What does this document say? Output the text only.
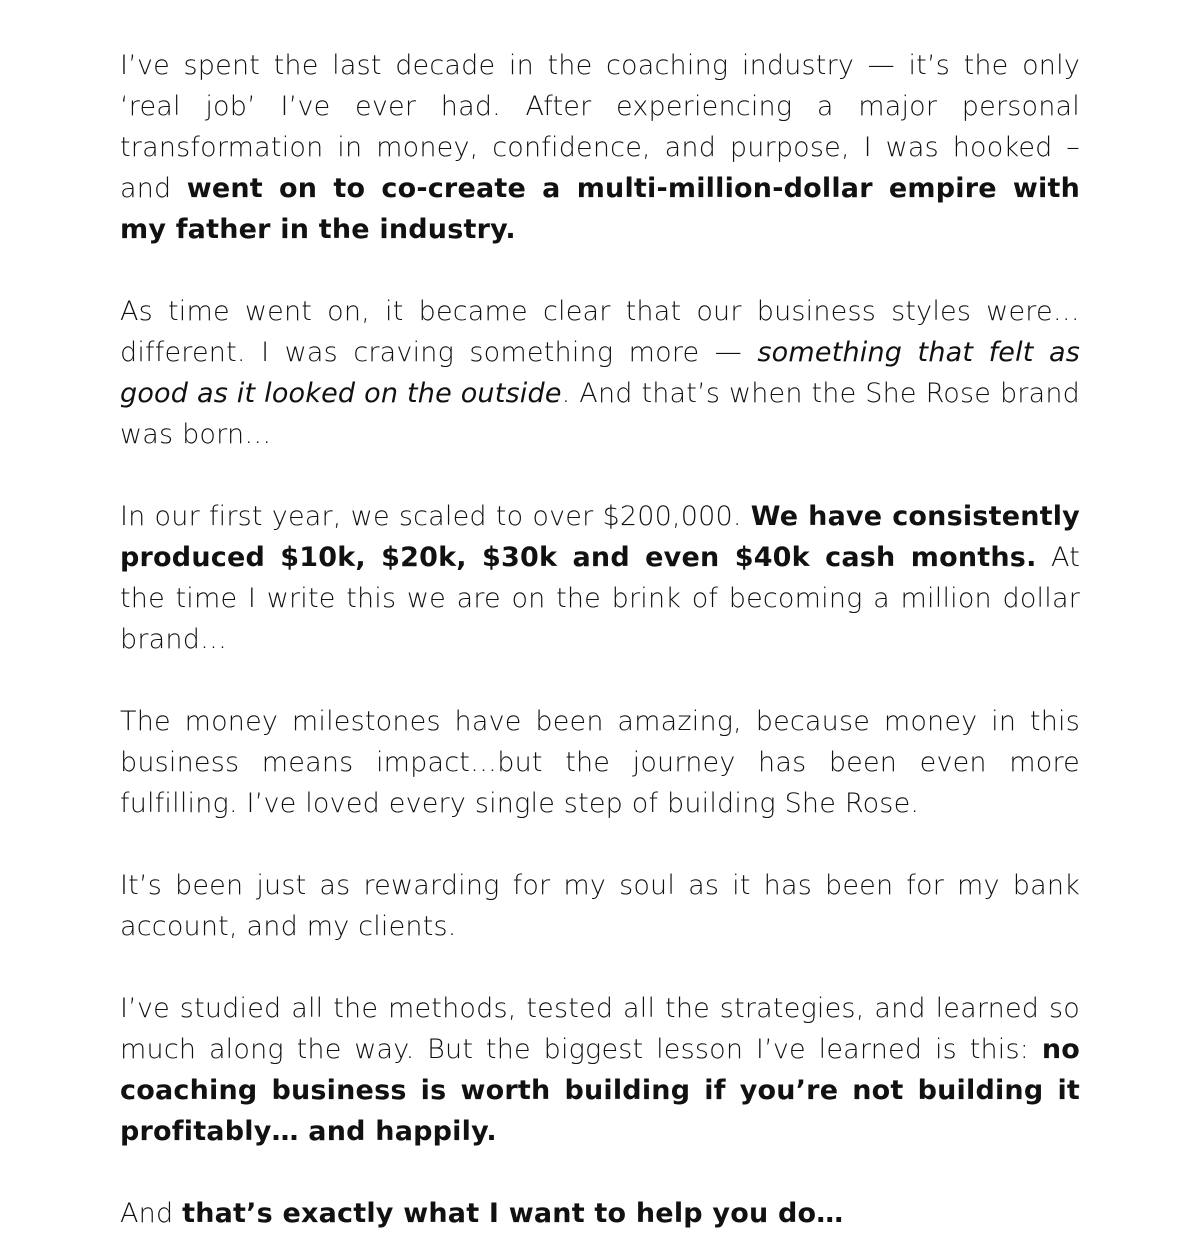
I’ve spent the last decade in the coaching industry — it’s the only ‘real job’ I’ve ever had. After experiencing a major personal transformation in money, confidence, and purpose, I was hooked – and went on to co-create a multi-million-dollar empire with my father in the industry.

As time went on, it became clear that our business styles were… different. I was craving something more — something that felt as good as it looked on the outside. And that’s when the She Rose brand was born…

In our first year, we scaled to over $200,000. We have consistently produced $10k, $20k, $30k and even $40k cash months. At the time I write this we are on the brink of becoming a million dollar brand…

The money milestones have been amazing, because money in this business means impact…but the journey has been even more fulfilling. I’ve loved every single step of building She Rose.

It’s been just as rewarding for my soul as it has been for my bank account, and my clients.

I’ve studied all the methods, tested all the strategies, and learned so much along the way. But the biggest lesson I’ve learned is this: no coaching business is worth building if you’re not building it profitably… and happily.

And that’s exactly what I want to help you do…
